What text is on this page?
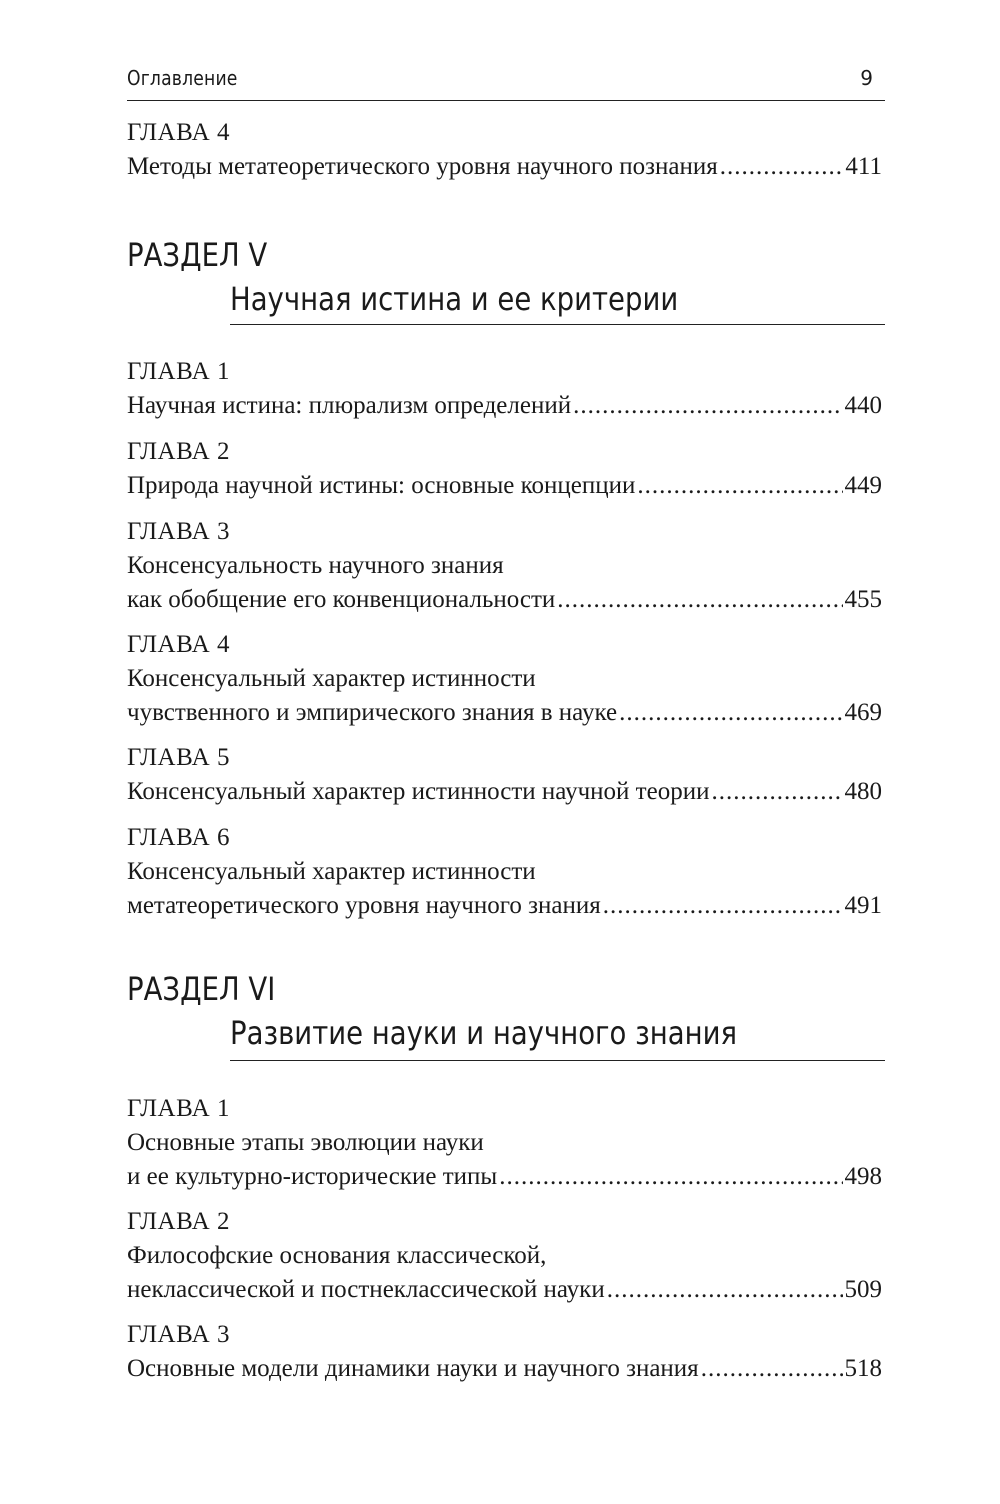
Оглавление	9
ГЛАВА 4
Методы метатеоретического уровня научного познания .....	411
РАЗДЕЛ V
Научная истина и ее критерии
ГЛАВА 1
Научная истина: плюрализм определений .....	440
ГЛАВА 2
Природа научной истины: основные концепции .....	449
ГЛАВА 3
Консенсуальность научного знания
как обобщение его конвенциональности .....	455
ГЛАВА 4
Консенсуальный характер истинности
чувственного и эмпирического знания в науке .....	469
ГЛАВА 5
Консенсуальный характер истинности научной теории .....	480
ГЛАВА 6
Консенсуальный характер истинности
метатеоретического уровня научного знания .....	491
РАЗДЕЛ VI
Развитие науки и научного знания
ГЛАВА 1
Основные этапы эволюции науки
и ее культурно-исторические типы .....	498
ГЛАВА 2
Философские основания классической,
неклассической и постнеклассической науки .....	509
ГЛАВА 3
Основные модели динамики науки и научного знания .....	518
